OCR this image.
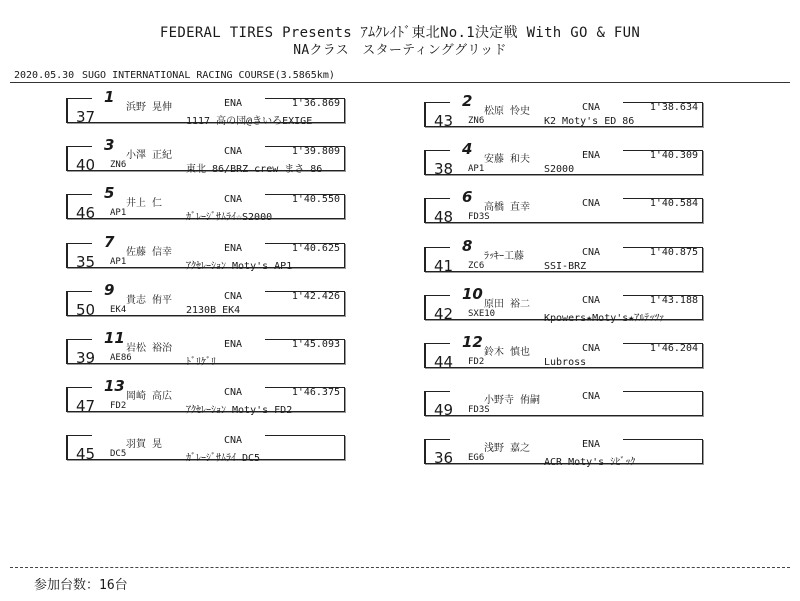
FEDERAL TIRES Presents ｱﾑｸﾚｲﾄﾞ東北No.1決定戦 With GO & FUN
NAクラス　スターティンググリッド
2020.05.30 SUGO INTERNATIONAL RACING COURSE(3.5865km)
1
37
浜野 晃伸	ENA	1'36.869
1117 高の団@きいろEXIGE
2
43
松原 怜史	CNA	1'38.634
ZN6	K2 Moty's ED 86
3
40
小澤 正紀	CNA	1'39.809
ZN6	東北 86/BRZ crew まさ 86
4
38
安藤 和夫	ENA	1'40.309
AP1	S2000
5
46
井上 仁	CNA	1'40.550
AP1	ｶﾞﾚｰｼﾞｻﾑﾗｲ☆S2000
6
48
高橋 直幸	CNA	1'40.584
FD3S
7
35
佐藤 信幸	ENA	1'40.625
AP1	ｱｸｾﾚｰｼｮﾝ Moty's AP1
8
41
ﾗｯｷｰ工藤	CNA	1'40.875
ZC6	SSI-BRZ
9
50
貴志 侑平	CNA	1'42.426
EK4	2130B_EK4
10
42
原田 裕二	CNA	1'43.188
SXE10	Kpowers★Moty's★ｱﾙﾃｯﾂｧ
11
39
岩松 裕治	ENA	1'45.093
AE86	ﾄﾞﾘｹﾞﾘ
12
44
鈴木 慎也	CNA	1'46.204
FD2	Lubross
13
47
岡崎 高広	CNA	1'46.375
FD2	ｱｸｾﾚｰｼｮﾝ Moty's FD2	49
小野寺 侑嗣	CNA
FD3S
45
羽賀 晃	CNA
DC5	ｶﾞﾚｰｼﾞｻﾑﾗｲ DC5	36
浅野 嘉之	ENA
EG6	ACR Moty's ｼﾋﾞｯｸ
参加台数：16台
